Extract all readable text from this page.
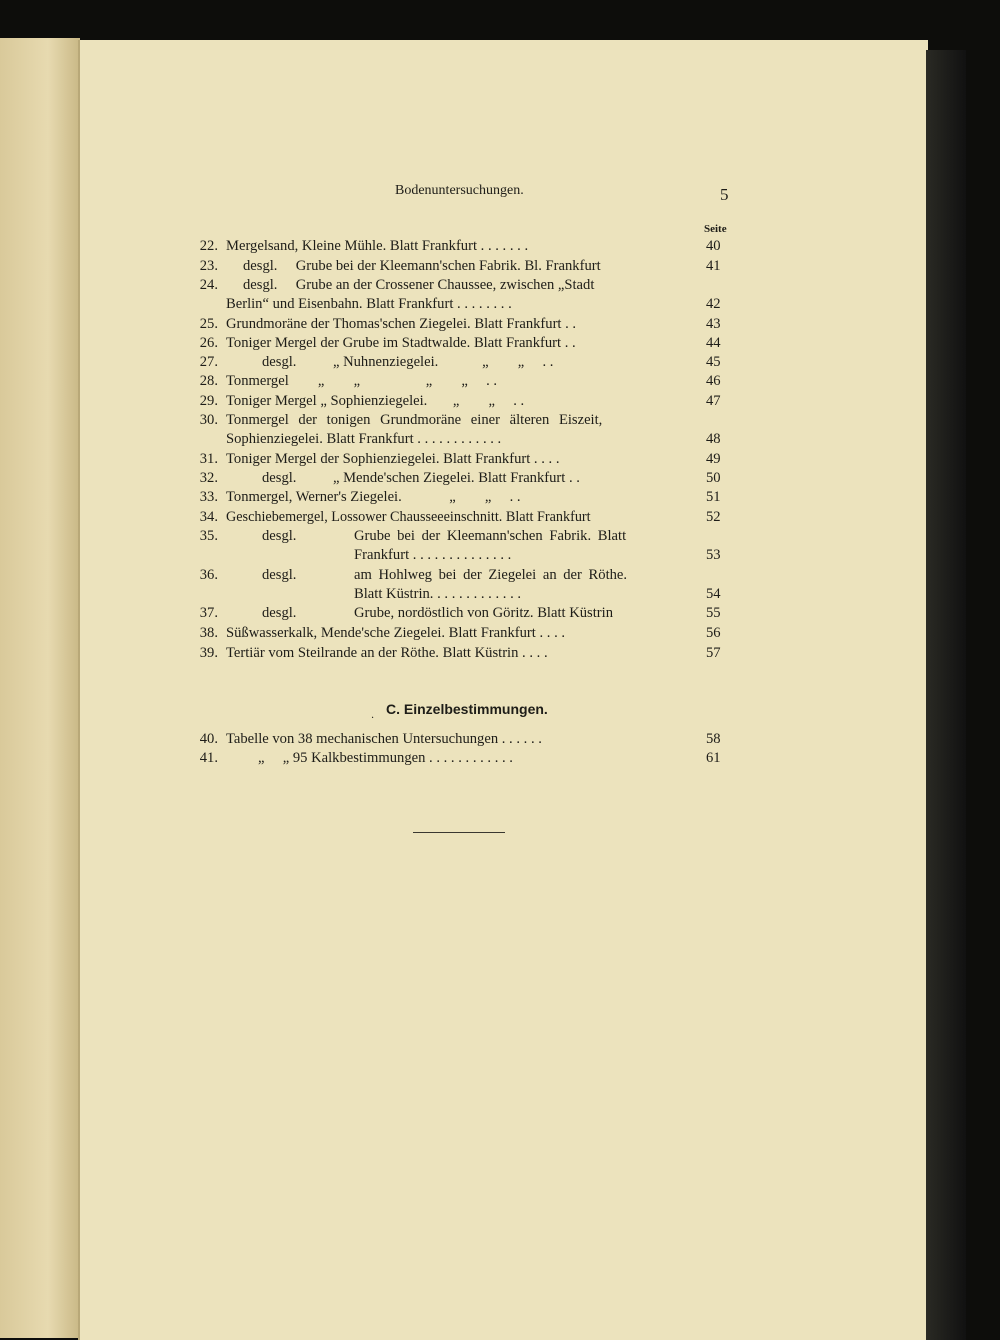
Bodenuntersuchungen.	5
Seite
22. Mergelsand, Kleine Mühle. Blatt Frankfurt . . . . . . .	40
23. desgl.     Grube bei der Kleemann'schen Fabrik. Bl. Frankfurt	41
24. desgl.     Grube an der Crossener Chaussee, zwischen „Stadt
Berlin“ und Eisenbahn. Blatt Frankfurt . . . . . . . .	42
25. Grundmoräne der Thomas'schen Ziegelei. Blatt Frankfurt . .	43
26. Toniger Mergel der Grube im Stadtwalde. Blatt Frankfurt . .	44
27.	desgl.          „ Nuhnenziegelei.            „        „     . .	45
28. Tonmergel        „        „                  „        „     . .	46
29. Toniger Mergel „ Sophienziegelei.       „        „     . .	47
30. Tonmergel der tonigen Grundmoräne einer älteren Eiszeit,
Sophienziegelei. Blatt Frankfurt . . . . . . . . . . . .	48
31. Toniger Mergel der Sophienziegelei. Blatt Frankfurt . . . .	49
32.	desgl.          „ Mende'schen Ziegelei. Blatt Frankfurt . .	50
33. Tonmergel, Werner's Ziegelei.             „        „     . .	51
34. Geschiebemergel, Lossower Chausseeeinschnitt. Blatt Frankfurt	52
35.	desgl.	Grube bei der Kleemann'schen Fabrik. Blatt
Frankfurt . . . . . . . . . . . . . .	53
36.	desgl.	am Hohlweg bei der Ziegelei an der Röthe.
Blatt Küstrin. . . . . . . . . . . . .	54
37.	desgl.	Grube, nordöstlich von Göritz. Blatt Küstrin	55
38. Süßwasserkalk, Mende'sche Ziegelei. Blatt Frankfurt . . . .	56
39. Tertiär vom Steilrande an der Röthe. Blatt Küstrin . . . .	57
C. Einzelbestimmungen.
·
40. Tabelle von 38 mechanischen Untersuchungen . . . . . .	58
41.	„     „ 95 Kalkbestimmungen . . . . . . . . . . . .	61
